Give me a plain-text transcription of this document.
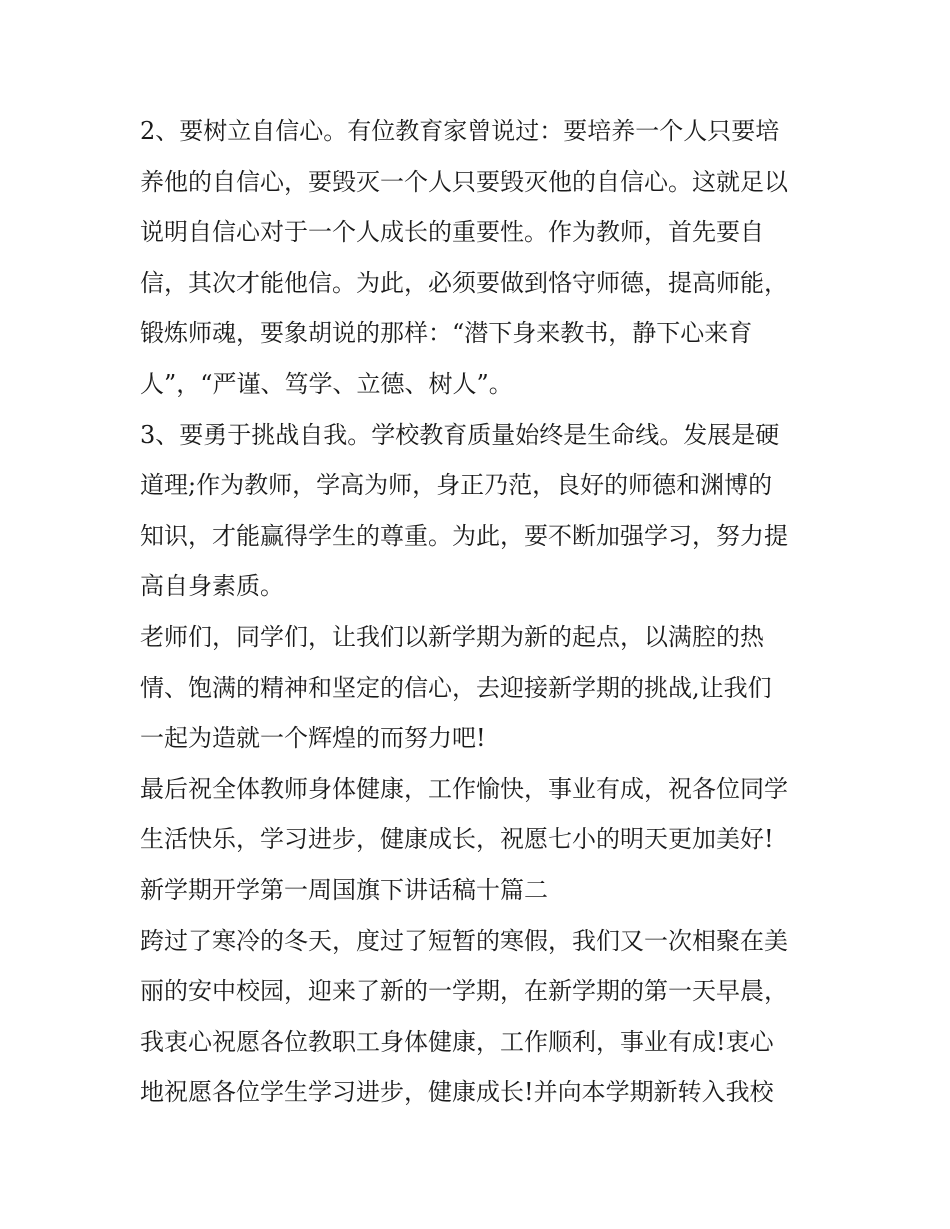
2、要树立自信心。有位教育家曾说过：要培养一个人只要培
养他的自信心，要毁灭一个人只要毁灭他的自信心。这就足以
说明自信心对于一个人成长的重要性。作为教师，首先要自
信，其次才能他信。为此，必须要做到恪守师德，提高师能，
锻炼师魂，要象胡说的那样：“潜下身来教书，静下心来育
人”，“严谨、笃学、立德、树人”。
3、要勇于挑战自我。学校教育质量始终是生命线。发展是硬
道理;作为教师，学高为师，身正乃范，良好的师德和渊博的
知识，才能赢得学生的尊重。为此，要不断加强学习，努力提
高自身素质。
老师们，同学们，让我们以新学期为新的起点，以满腔的热
情、饱满的精神和坚定的信心，去迎接新学期的挑战,让我们
一起为造就一个辉煌的而努力吧!
最后祝全体教师身体健康，工作愉快，事业有成，祝各位同学
生活快乐，学习进步，健康成长，祝愿七小的明天更加美好!
新学期开学第一周国旗下讲话稿十篇二
跨过了寒冷的冬天，度过了短暂的寒假，我们又一次相聚在美
丽的安中校园，迎来了新的一学期，在新学期的第一天早晨，
我衷心祝愿各位教职工身体健康，工作顺利，事业有成!衷心
地祝愿各位学生学习进步，健康成长!并向本学期新转入我校
